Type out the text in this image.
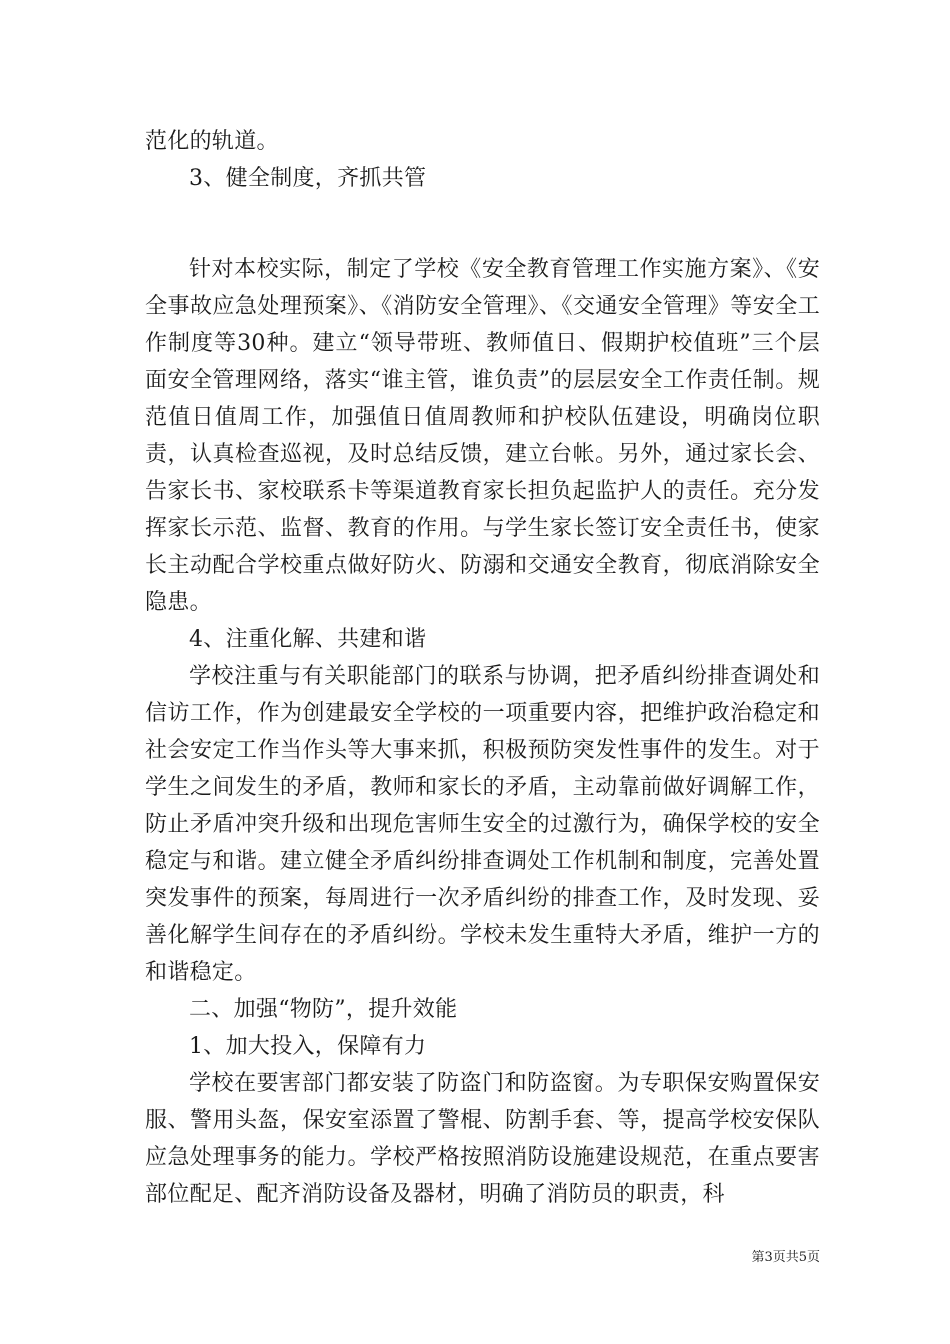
范化的轨道。

3、健全制度，齐抓共管

针对本校实际，制定了学校《安全教育管理工作实施方案》、《安全事故应急处理预案》、《消防安全管理》、《交通安全管理》等安全工作制度等30种。建立“领导带班、教师值日、假期护校值班”三个层面安全管理网络，落实“谁主管，谁负责”的层层安全工作责任制。规范值日值周工作，加强值日值周教师和护校队伍建设，明确岗位职责，认真检查巡视，及时总结反馈，建立台帐。另外，通过家长会、告家长书、家校联系卡等渠道教育家长担负起监护人的责任。充分发挥家长示范、监督、教育的作用。与学生家长签订安全责任书，使家长主动配合学校重点做好防火、防溺和交通安全教育，彻底消除安全隐患。

4、注重化解、共建和谐

学校注重与有关职能部门的联系与协调，把矛盾纠纷排查调处和信访工作，作为创建最安全学校的一项重要内容，把维护政治稳定和社会安定工作当作头等大事来抓，积极预防突发性事件的发生。对于学生之间发生的矛盾，教师和家长的矛盾，主动靠前做好调解工作，防止矛盾冲突升级和出现危害师生安全的过激行为，确保学校的安全稳定与和谐。建立健全矛盾纠纷排查调处工作机制和制度，完善处置突发事件的预案，每周进行一次矛盾纠纷的排查工作，及时发现、妥善化解学生间存在的矛盾纠纷。学校未发生重特大矛盾，维护一方的和谐稳定。

二、加强“物防”，提升效能

1、加大投入，保障有力

学校在要害部门都安装了防盗门和防盗窗。为专职保安购置保安服、警用头盔，保安室添置了警棍、防割手套、等，提高学校安保队应急处理事务的能力。学校严格按照消防设施建设规范，在重点要害部位配足、配齐消防设备及器材，明确了消防员的职责，科

第3页共5页
